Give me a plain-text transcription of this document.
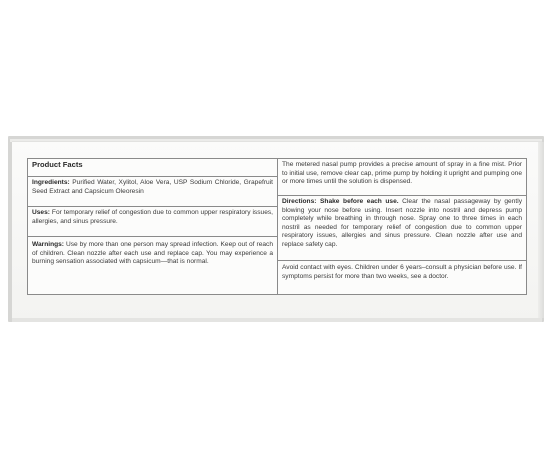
Product Facts
Ingredients: Purified Water, Xylitol, Aloe Vera, USP Sodium Chloride, Grapefruit Seed Extract and Capsicum Oleoresin
Uses: For temporary relief of congestion due to common upper respiratory issues, allergies, and sinus pressure.
Warnings: Use by more than one person may spread infection. Keep out of reach of children. Clean nozzle after each use and replace cap. You may experience a burning sensation associated with capsicum—that is normal.
The metered nasal pump provides a precise amount of spray in a fine mist. Prior to initial use, remove clear cap, prime pump by holding it upright and pumping one or more times until the solution is dispensed.
Directions: Shake before each use. Clear the nasal passageway by gently blowing your nose before using. Insert nozzle into nostril and depress pump completely while breathing in through nose. Spray one to three times in each nostril as needed for temporary relief of congestion due to common upper respiratory issues, allergies and sinus pressure. Clean nozzle after use and replace safety cap.
Avoid contact with eyes. Children under 6 years–consult a physician before use. If symptoms persist for more than two weeks, see a doctor.
